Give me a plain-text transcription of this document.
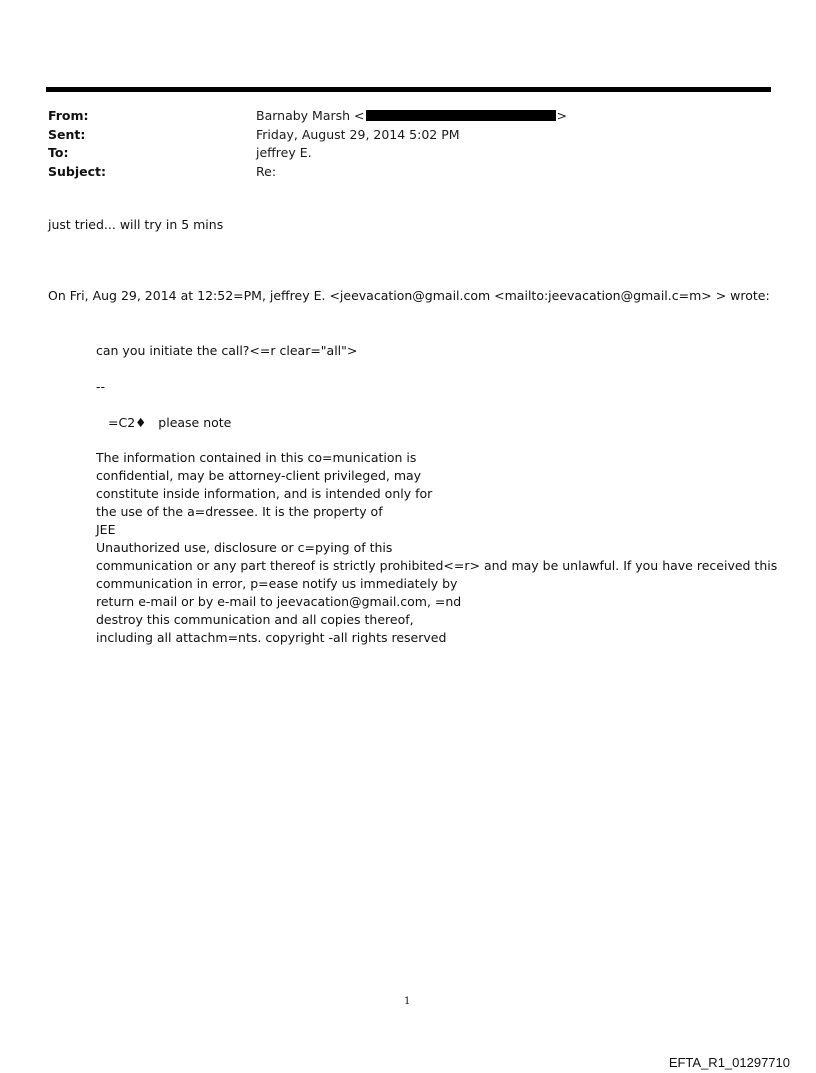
From:	Barnaby Marsh <	>
Sent:	Friday, August 29, 2014 5:02 PM
To:	jeffrey E.
Subject:	Re:
just tried... will try in 5 mins
On Fri, Aug 29, 2014 at 12:52=PM, jeffrey E. <jeevacation@gmail.com <mailto:jeevacation@gmail.c=m> > wrote:
can you initiate the call?<=r clear="all">
--
=C2♦   please note
The information contained in this co=munication is
confidential, may be attorney-client privileged, may
constitute inside information, and is intended only for
the use of the a=dressee. It is the property of
JEE
Unauthorized use, disclosure or c=pying of this
communication or any part thereof is strictly prohibited<=r> and may be unlawful. If you have received this
communication in error, p=ease notify us immediately by
return e-mail or by e-mail to jeevacation@gmail.com, =nd
destroy this communication and all copies thereof,
including all attachm=nts. copyright -all rights reserved
1
EFTA_R1_01297710
